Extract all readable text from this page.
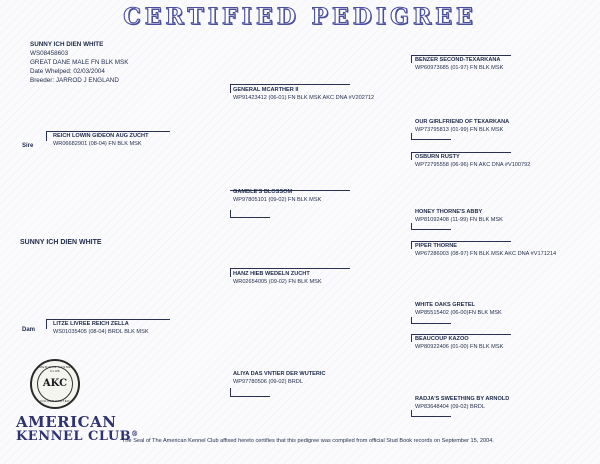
CERTIFIED PEDIGREE
SUNNY ICH DIEN WHITE
WS08458603
GREAT DANE MALE FN BLK MSK
Date Whelped: 02/03/2004
Breeder: JARROD J ENGLAND
Sire
REICH LOWIN GIDEON AUG ZUCHT
WR06682901 (08-04) FN BLK MSK
SUNNY ICH DIEN WHITE
Dam
LITZE LIVREE REICH ZELLA
WS01035405 (08-04) BRDL BLK MSK
GENERAL MCARTHER II
WP91423412 (06-01) FN BLK MSK AKC DNA #V202712
GAMBLE'S BLOSSOM
WP97805101 (09-02) FN BLK MSK
HANZ HIEB WEDELN ZUCHT
WR02654005 (09-02) FN BLK MSK
ALIYA DAS VNTIER DER WUTERIC
WP97780506 (09-02) BRDL
BENZER SECOND-TEXARKANA
WP60973685 (01-97) FN BLK MSK
OUR GIRLFRIEND OF TEXARKANA
WP73795813 (01-99) FN BLK MSK
OSBURN RUSTY
WP72795558 (06-96) FN AKC DNA #V100792
HONEY THORNE'S ABBY
WP81092408 (11-99) FN BLK MSK
PIPER THORNE
WP67286003 (08-97) FN BLK MSK AKC DNA #V171214
WHITE OAKS GRETEL
WP85515402 (06-00)FN BLK MSK
BEAUCOUP KAZOO
WP80922406 (01-00) FN BLK MSK
RADJA'S SWEETHING BY ARNOLD
WP83648404 (09-02) BRDL
AMERICAN KENNEL CLUB
AKC
INCORPORATED
AMERICAN
KENNEL CLUB®
The Seal of The American Kennel Club affixed hereto certifies that this pedigree was compiled from official Stud Book records on September 15, 2004.
